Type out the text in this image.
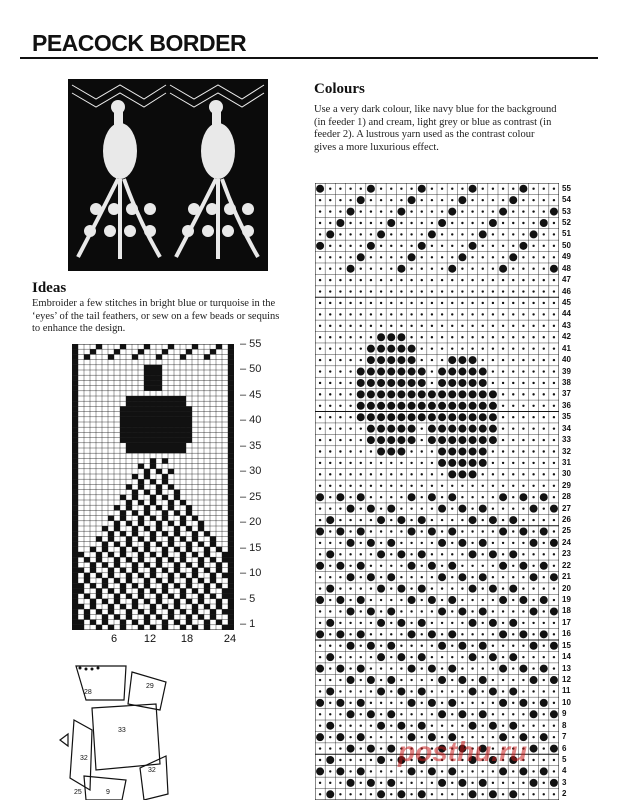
PEACOCK BORDER
Colours

Use a very dark colour, like navy blue for the background

(in feeder 1) and cream, light grey or blue as contrast (in

feeder 2). A lustrous yarn used as the contrast colour

gives a more luxurious effect.

Ideas

Embroider a few stitches in bright blue or turquoise in the

‘eyes’ of the tail feathers, or sew on a few beads or sequins

to enhance the design.

– 55
– 50
– 45
– 40
– 35
– 30
– 25
– 20
– 15
– 10
– 5
– 1
6	12	18	24
55
54
53
52
51
50
49
48
47
46
45
44
43
42
41
40
39
38
37
36
35
34
33
32
31
30
29
28
27
26
25
24
23
22
21
20
19
18
17
16
15
14
13
12
11
10
9
8
7
6
5
4
3
2
28
29
33
32
32
25	9
posthu.ru
